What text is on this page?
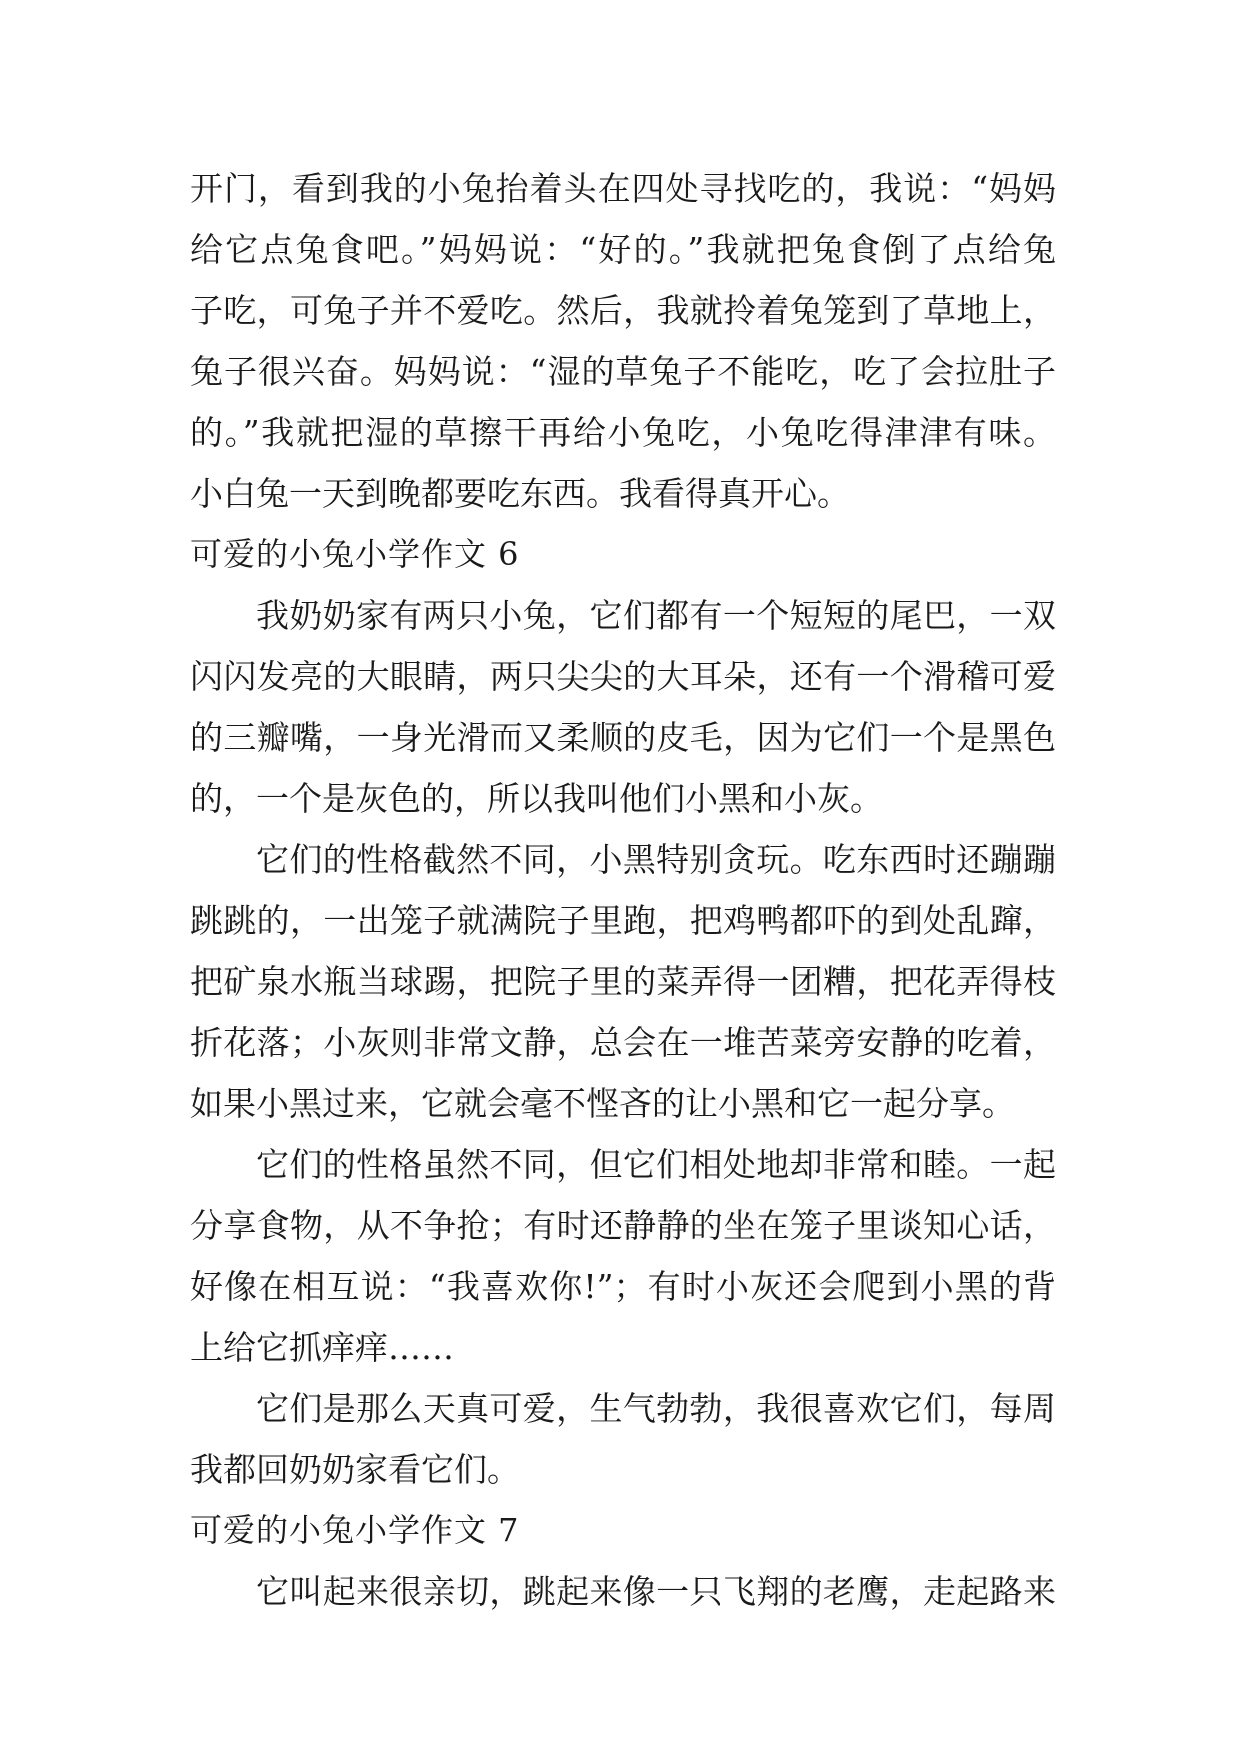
开门，看到我的小兔抬着头在四处寻找吃的，我说：“妈妈
给它点兔食吧。”妈妈说：“好的。”我就把兔食倒了点给兔
子吃，可兔子并不爱吃。然后，我就拎着兔笼到了草地上，
兔子很兴奋。妈妈说：“湿的草兔子不能吃，吃了会拉肚子
的。”我就把湿的草擦干再给小兔吃，小兔吃得津津有味。
小白兔一天到晚都要吃东西。我看得真开心。
可爱的小兔小学作文 6
我奶奶家有两只小兔，它们都有一个短短的尾巴，一双
闪闪发亮的大眼睛，两只尖尖的大耳朵，还有一个滑稽可爱
的三瓣嘴，一身光滑而又柔顺的皮毛，因为它们一个是黑色
的，一个是灰色的，所以我叫他们小黑和小灰。
它们的性格截然不同，小黑特别贪玩。吃东西时还蹦蹦
跳跳的，一出笼子就满院子里跑，把鸡鸭都吓的到处乱蹿，
把矿泉水瓶当球踢，把院子里的菜弄得一团糟，把花弄得枝
折花落；小灰则非常文静，总会在一堆苦菜旁安静的吃着，
如果小黑过来，它就会毫不悭吝的让小黑和它一起分享。
它们的性格虽然不同，但它们相处地却非常和睦。一起
分享食物，从不争抢；有时还静静的坐在笼子里谈知心话，
好像在相互说：“我喜欢你!”；有时小灰还会爬到小黑的背
上给它抓痒痒……
它们是那么天真可爱，生气勃勃，我很喜欢它们，每周
我都回奶奶家看它们。
可爱的小兔小学作文 7
它叫起来很亲切，跳起来像一只飞翔的老鹰，走起路来
